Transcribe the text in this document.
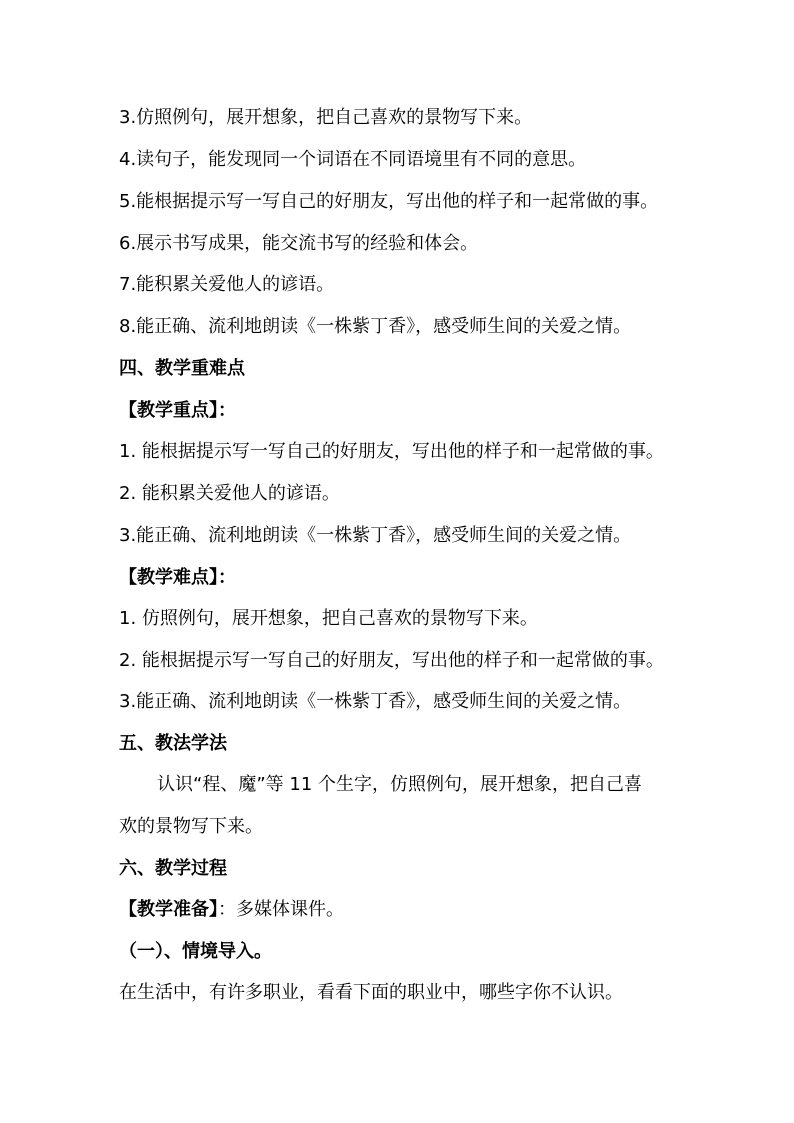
3.仿照例句，展开想象，把自己喜欢的景物写下来。
4.读句子，能发现同一个词语在不同语境里有不同的意思。
5.能根据提示写一写自己的好朋友，写出他的样子和一起常做的事。
6.展示书写成果，能交流书写的经验和体会。
7.能积累关爱他人的谚语。
8.能正确、流利地朗读《一株紫丁香》，感受师生间的关爱之情。
四、教学重难点
【教学重点】：
1. 能根据提示写一写自己的好朋友，写出他的样子和一起常做的事。
2. 能积累关爱他人的谚语。
3.能正确、流利地朗读《一株紫丁香》，感受师生间的关爱之情。
【教学难点】：
1. 仿照例句，展开想象，把自己喜欢的景物写下来。
2. 能根据提示写一写自己的好朋友，写出他的样子和一起常做的事。
3.能正确、流利地朗读《一株紫丁香》，感受师生间的关爱之情。
五、教法学法
认识“程、魔”等 11 个生字，仿照例句，展开想象，把自己喜
欢的景物写下来。
六、教学过程
【教学准备】：多媒体课件。
（一）、情境导入。
在生活中，有许多职业，看看下面的职业中，哪些字你不认识。
